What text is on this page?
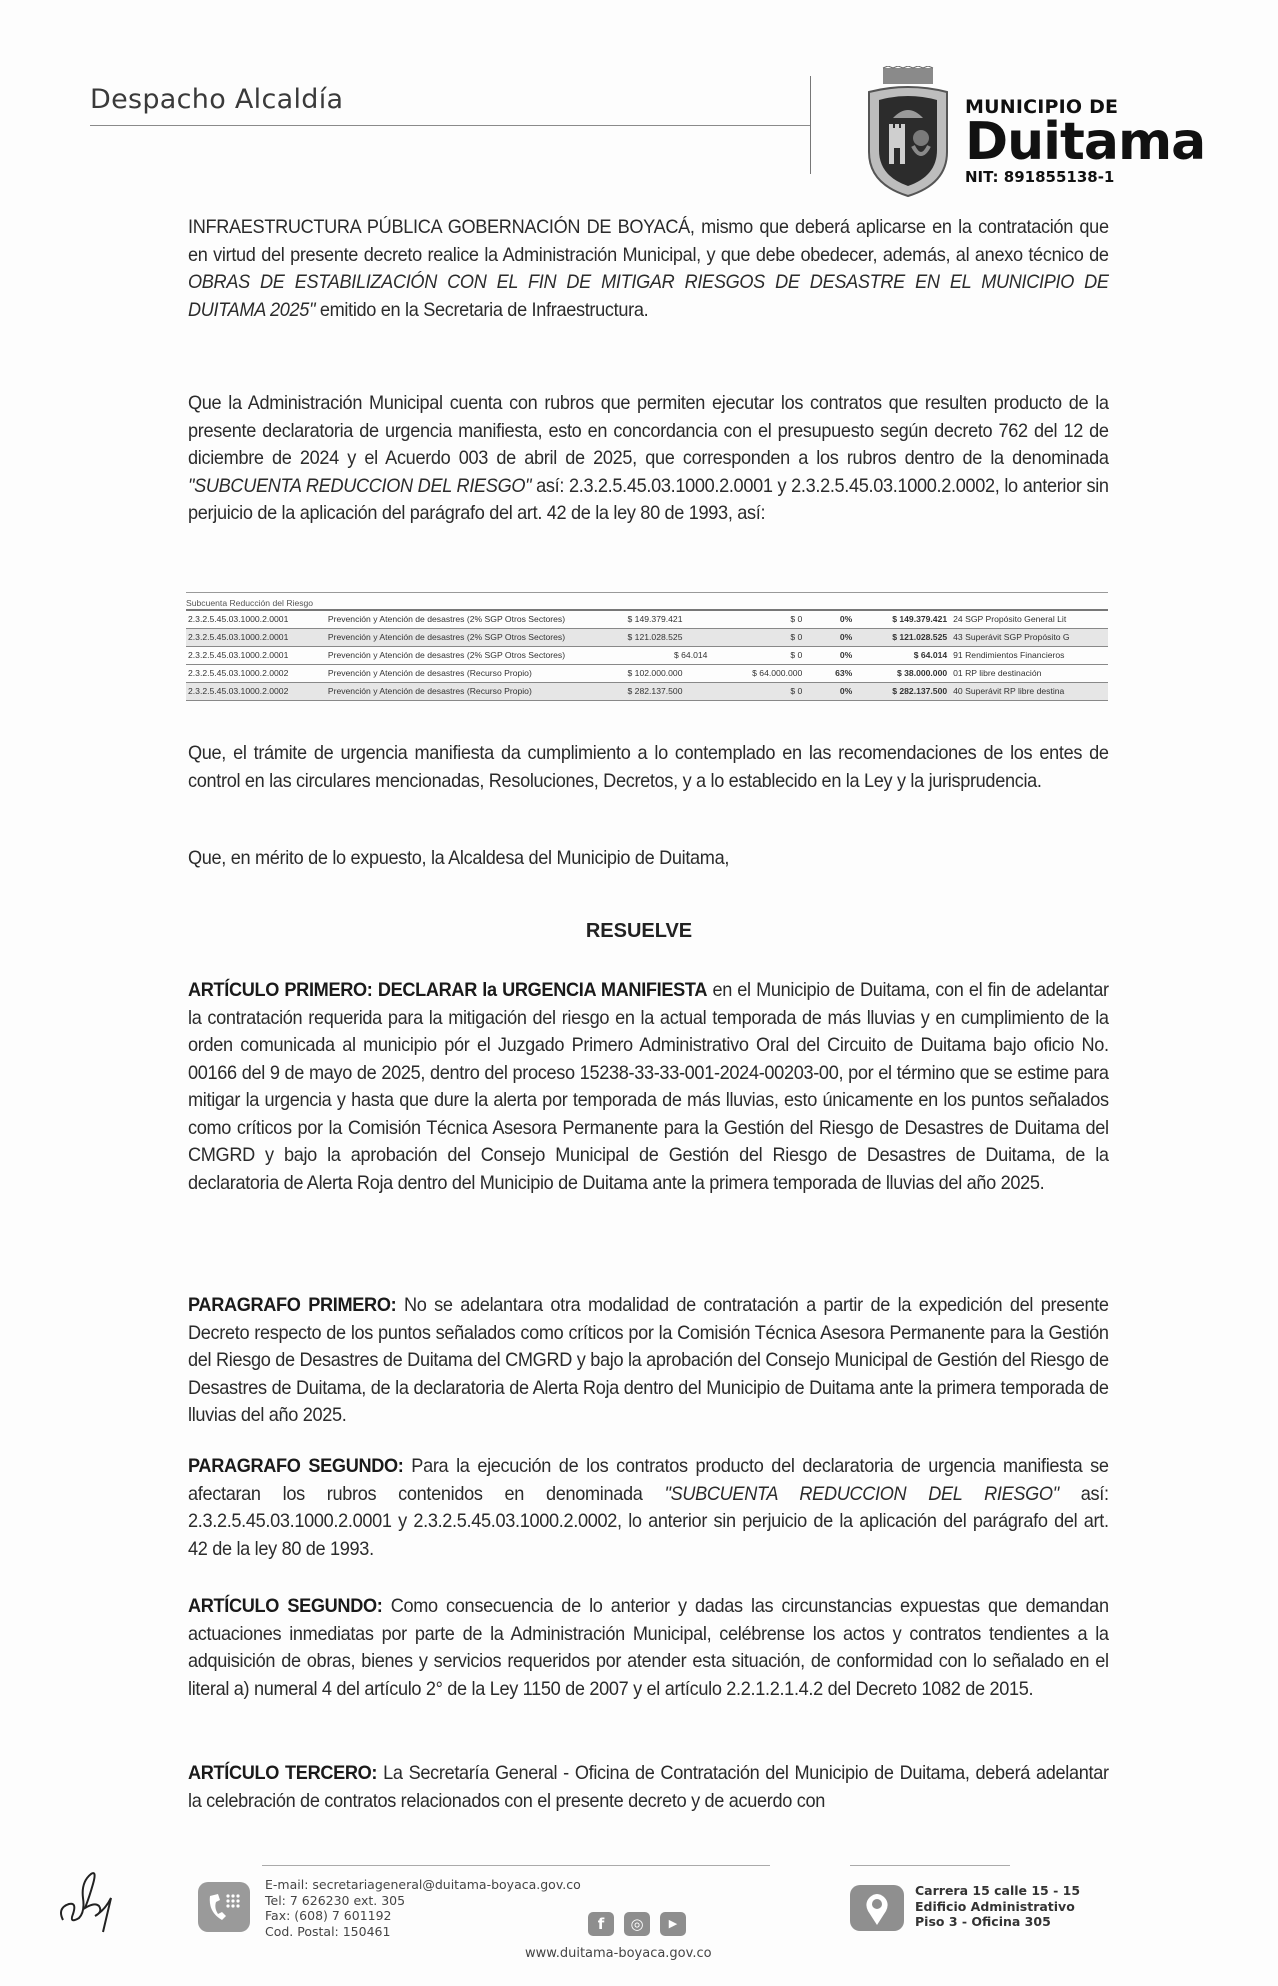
Despacho Alcaldía	MUNICIPIO DE
Duitama
NIT: 891855138-1
INFRAESTRUCTURA PÚBLICA GOBERNACIÓN DE BOYACÁ, mismo que deberá aplicarse en la contratación que en virtud del presente decreto realice la Administración Municipal, y que debe obedecer, además, al anexo técnico de OBRAS DE ESTABILIZACIÓN CON EL FIN DE MITIGAR RIESGOS DE DESASTRE EN EL MUNICIPIO DE DUITAMA 2025" emitido en la Secretaria de Infraestructura.
Que la Administración Municipal cuenta con rubros que permiten ejecutar los contratos que resulten producto de la presente declaratoria de urgencia manifiesta, esto en concordancia con el presupuesto según decreto 762 del 12 de diciembre de 2024 y el Acuerdo 003 de abril de 2025, que corresponden a los rubros dentro de la denominada "SUBCUENTA REDUCCION DEL RIESGO" así: 2.3.2.5.45.03.1000.2.0001 y 2.3.2.5.45.03.1000.2.0002, lo anterior sin perjuicio de la aplicación del parágrafo del art. 42 de la ley 80 de 1993, así:
Subcuenta Reducción del Riesgo
2.3.2.5.45.03.1000.2.0001	Prevención y Atención de desastres (2% SGP Otros Sectores)	$ 149.379.421	$ 0	0%	$ 149.379.421 24 SGP Propósito General Lit
2.3.2.5.45.03.1000.2.0001	Prevención y Atención de desastres (2% SGP Otros Sectores)	$ 121.028.525	$ 0	0%	$ 121.028.525 43 Superávit SGP Propósito G
2.3.2.5.45.03.1000.2.0001	Prevención y Atención de desastres (2% SGP Otros Sectores)	$ 64.014	$ 0	0%	$ 64.014 91 Rendimientos Financieros
2.3.2.5.45.03.1000.2.0002	Prevención y Atención de desastres (Recurso Propio)	$ 102.000.000	$ 64.000.000	63%	$ 38.000.000 01 RP libre destinación
2.3.2.5.45.03.1000.2.0002	Prevención y Atención de desastres (Recurso Propio)	$ 282.137.500	$ 0	0%	$ 282.137.500 40 Superávit RP libre destina
Que, el trámite de urgencia manifiesta da cumplimiento a lo contemplado en las recomendaciones de los entes de control en las circulares mencionadas, Resoluciones, Decretos, y a lo establecido en la Ley y la jurisprudencia.
Que, en mérito de lo expuesto, la Alcaldesa del Municipio de Duitama,
RESUELVE
ARTÍCULO PRIMERO: DECLARAR la URGENCIA MANIFIESTA en el Municipio de Duitama, con el fin de adelantar la contratación requerida para la mitigación del riesgo en la actual temporada de más lluvias y en cumplimiento de la orden comunicada al municipio pór el Juzgado Primero Administrativo Oral del Circuito de Duitama bajo oficio No. 00166 del 9 de mayo de 2025, dentro del proceso 15238-33-33-001-2024-00203-00, por el término que se estime para mitigar la urgencia y hasta que dure la alerta por temporada de más lluvias, esto únicamente en los puntos señalados como críticos por la Comisión Técnica Asesora Permanente para la Gestión del Riesgo de Desastres de Duitama del CMGRD y bajo la aprobación del Consejo Municipal de Gestión del Riesgo de Desastres de Duitama, de la declaratoria de Alerta Roja dentro del Municipio de Duitama ante la primera temporada de lluvias del año 2025.
PARAGRAFO PRIMERO: No se adelantara otra modalidad de contratación a partir de la expedición del presente Decreto respecto de los puntos señalados como críticos por la Comisión Técnica Asesora Permanente para la Gestión del Riesgo de Desastres de Duitama del CMGRD y bajo la aprobación del Consejo Municipal de Gestión del Riesgo de Desastres de Duitama, de la declaratoria de Alerta Roja dentro del Municipio de Duitama ante la primera temporada de lluvias del año 2025.
PARAGRAFO SEGUNDO: Para la ejecución de los contratos producto del declaratoria de urgencia manifiesta se afectaran los rubros contenidos en denominada "SUBCUENTA REDUCCION DEL RIESGO" así: 2.3.2.5.45.03.1000.2.0001 y 2.3.2.5.45.03.1000.2.0002, lo anterior sin perjuicio de la aplicación del parágrafo del art. 42 de la ley 80 de 1993.
ARTÍCULO SEGUNDO: Como consecuencia de lo anterior y dadas las circunstancias expuestas que demandan actuaciones inmediatas por parte de la Administración Municipal, celébrense los actos y contratos tendientes a la adquisición de obras, bienes y servicios requeridos por atender esta situación, de conformidad con lo señalado en el literal a) numeral 4 del artículo 2° de la Ley 1150 de 2007 y el artículo 2.2.1.2.1.4.2 del Decreto 1082 de 2015.
ARTÍCULO TERCERO: La Secretaría General - Oficina de Contratación del Municipio de Duitama, deberá adelantar la celebración de contratos relacionados con el presente decreto y de acuerdo con
E-mail: secretariageneral@duitama-boyaca.gov.co
Tel: 7 626230 ext. 305
Fax: (608) 7 601192
Cod. Postal: 150461	f	◎	▶
www.duitama-boyaca.gov.co
Carrera 15 calle 15 - 15
Edificio Administrativo
Piso 3 - Oficina 305
